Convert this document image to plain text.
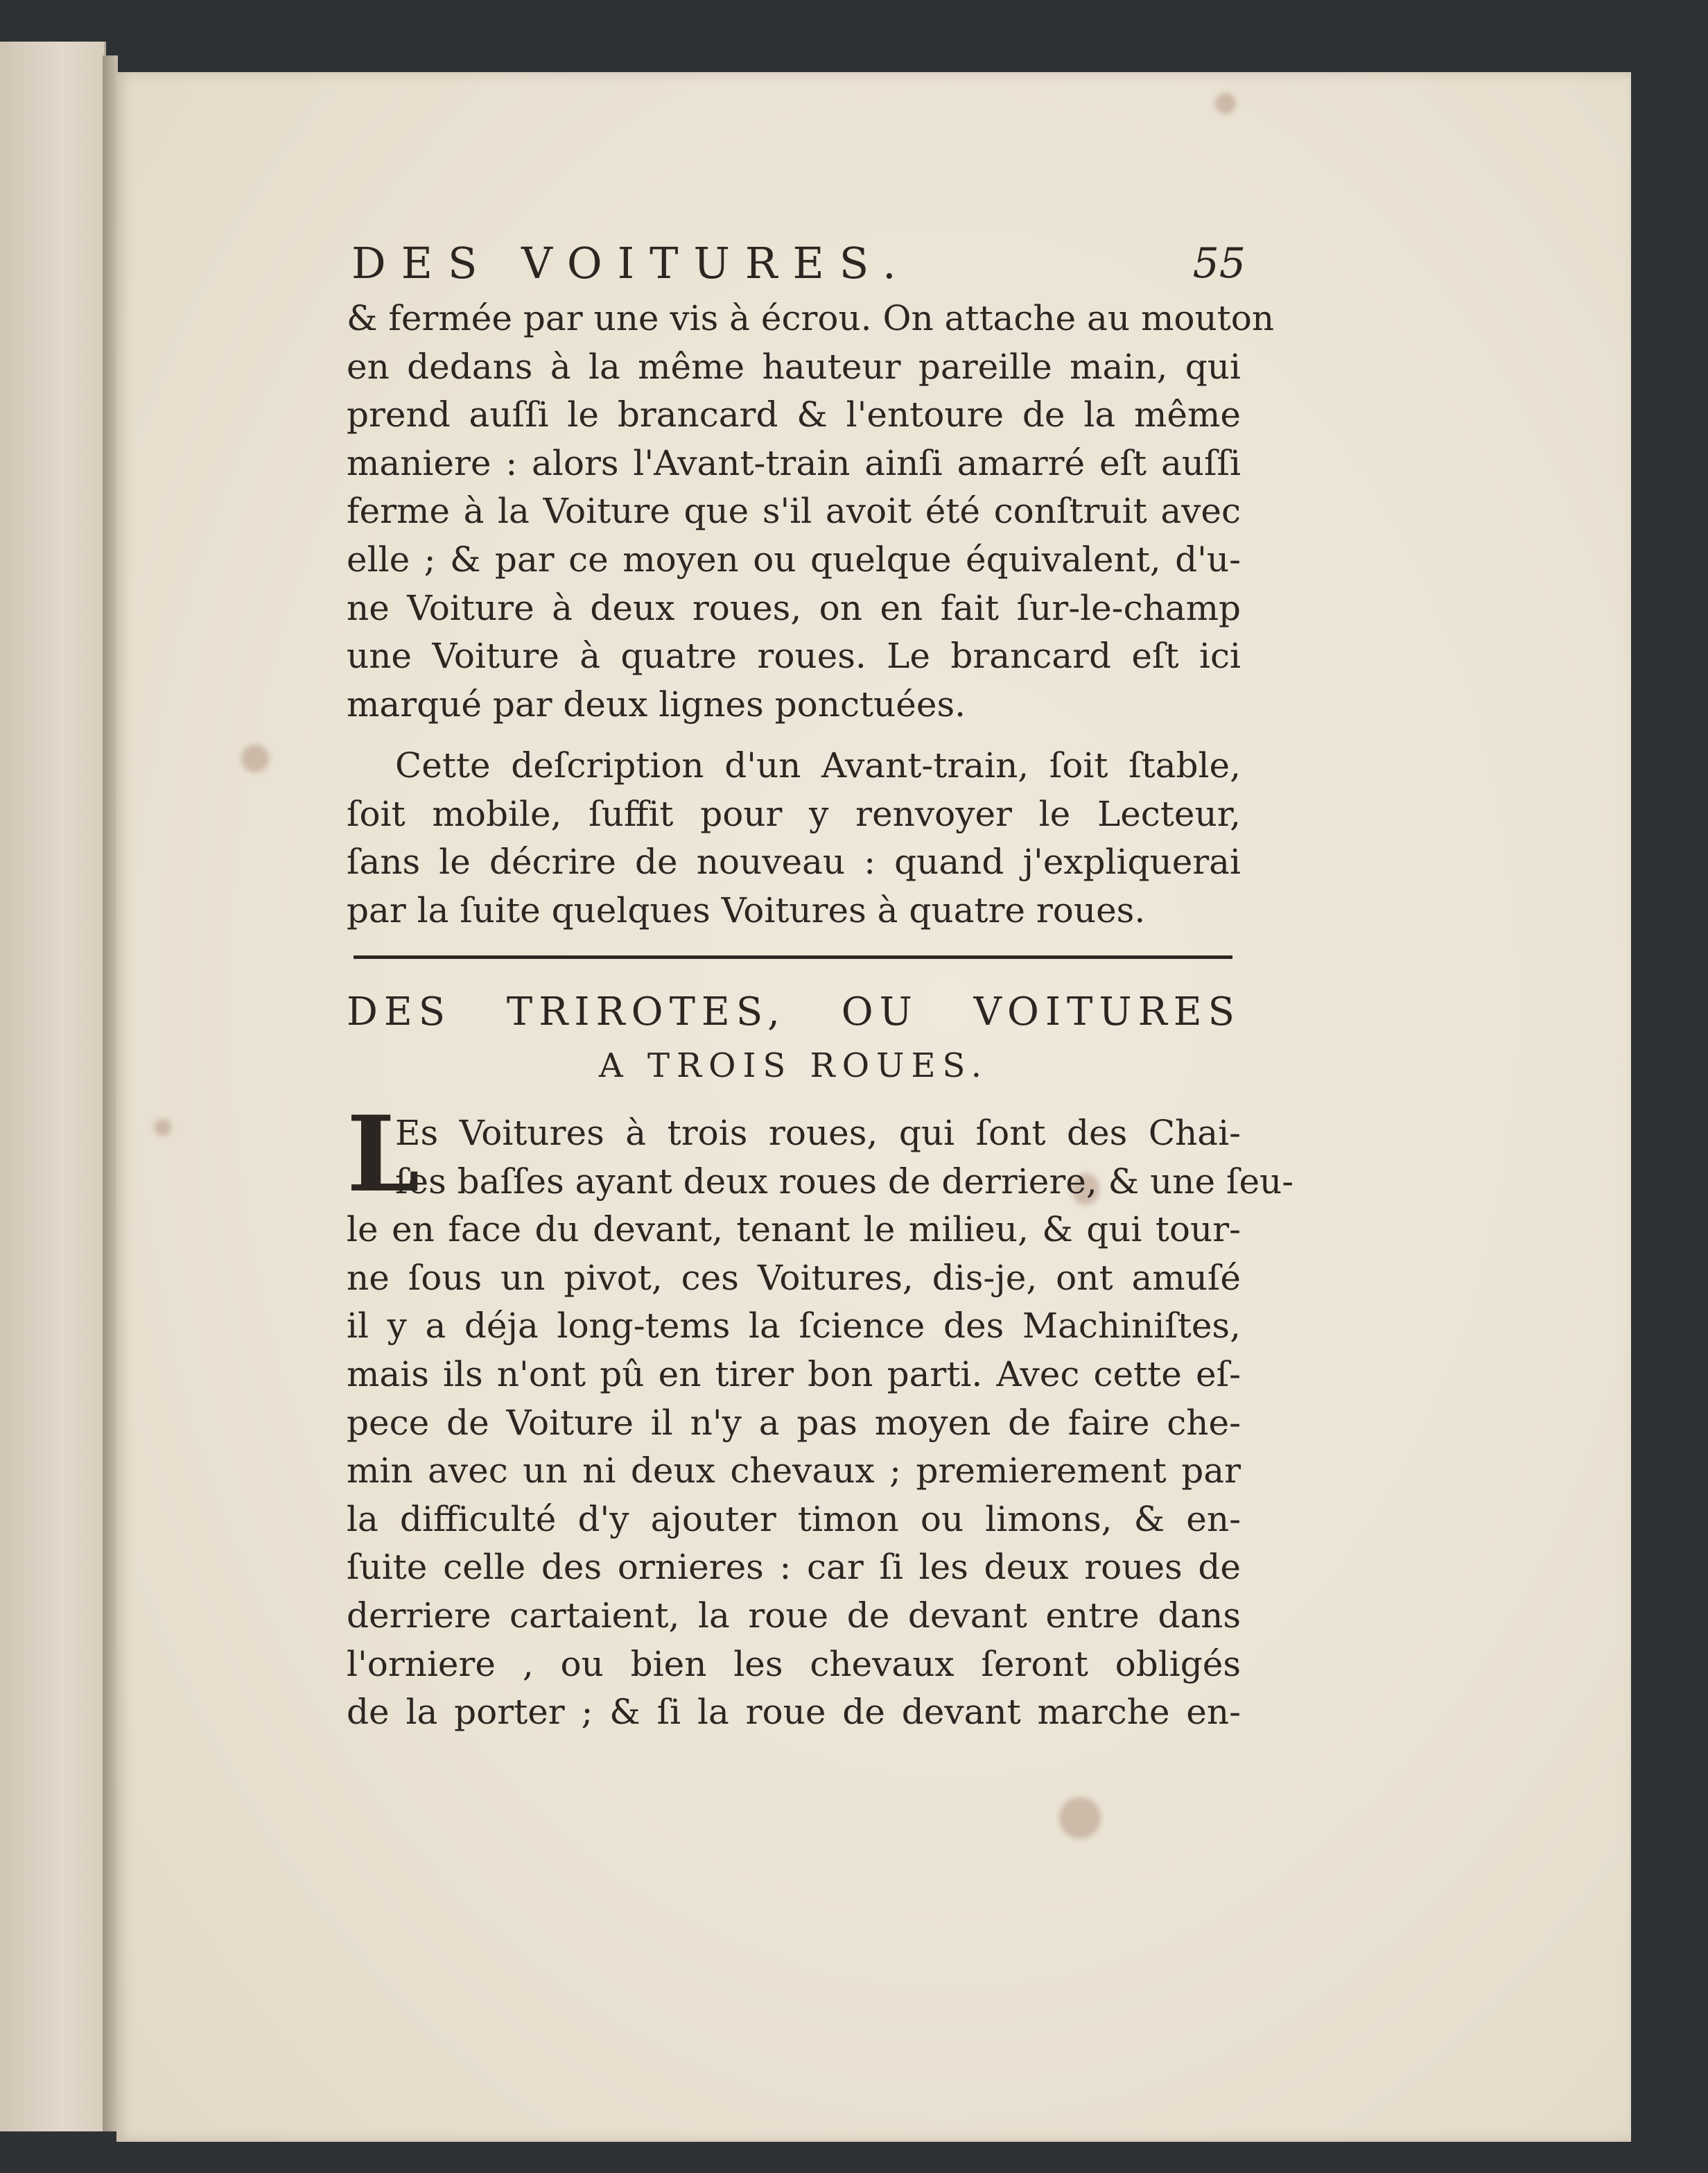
DES VOITURES.	55
& fermée par une vis à écrou. On attache au mouton
en dedans à la même hauteur pareille main, qui
prend auſſi le brancard & l'entoure de la même
maniere : alors l'Avant-train ainſi amarré eſt auſſi
ferme à la Voiture que s'il avoit été conſtruit avec
elle ; & par ce moyen ou quelque équivalent, d'u-
ne Voiture à deux roues, on en fait ſur-le-champ
une Voiture à quatre roues. Le brancard eſt ici
marqué par deux lignes ponctuées.
Cette deſcription d'un Avant-train, ſoit ſtable,
ſoit mobile, ſuffit pour y renvoyer le Lecteur,
ſans le décrire de nouveau : quand j'expliquerai
par la ſuite quelques Voitures à quatre roues.
DES TRIROTES, OU VOITURES
A TROIS ROUES.
L
Es Voitures à trois roues, qui ſont des Chai-
ſes baſſes ayant deux roues de derriere, & une ſeu-
le en face du devant, tenant le milieu, & qui tour-
ne ſous un pivot, ces Voitures, dis-je, ont amuſé
il y a déja long-tems la ſcience des Machiniſtes,
mais ils n'ont pû en tirer bon parti. Avec cette eſ-
pece de Voiture il n'y a pas moyen de faire che-
min avec un ni deux chevaux ; premierement par
la difficulté d'y ajouter timon ou limons, & en-
ſuite celle des ornieres : car ſi les deux roues de
derriere cartaient, la roue de devant entre dans
l'orniere , ou bien les chevaux ſeront obligés
de la porter ; & ſi la roue de devant marche en-
